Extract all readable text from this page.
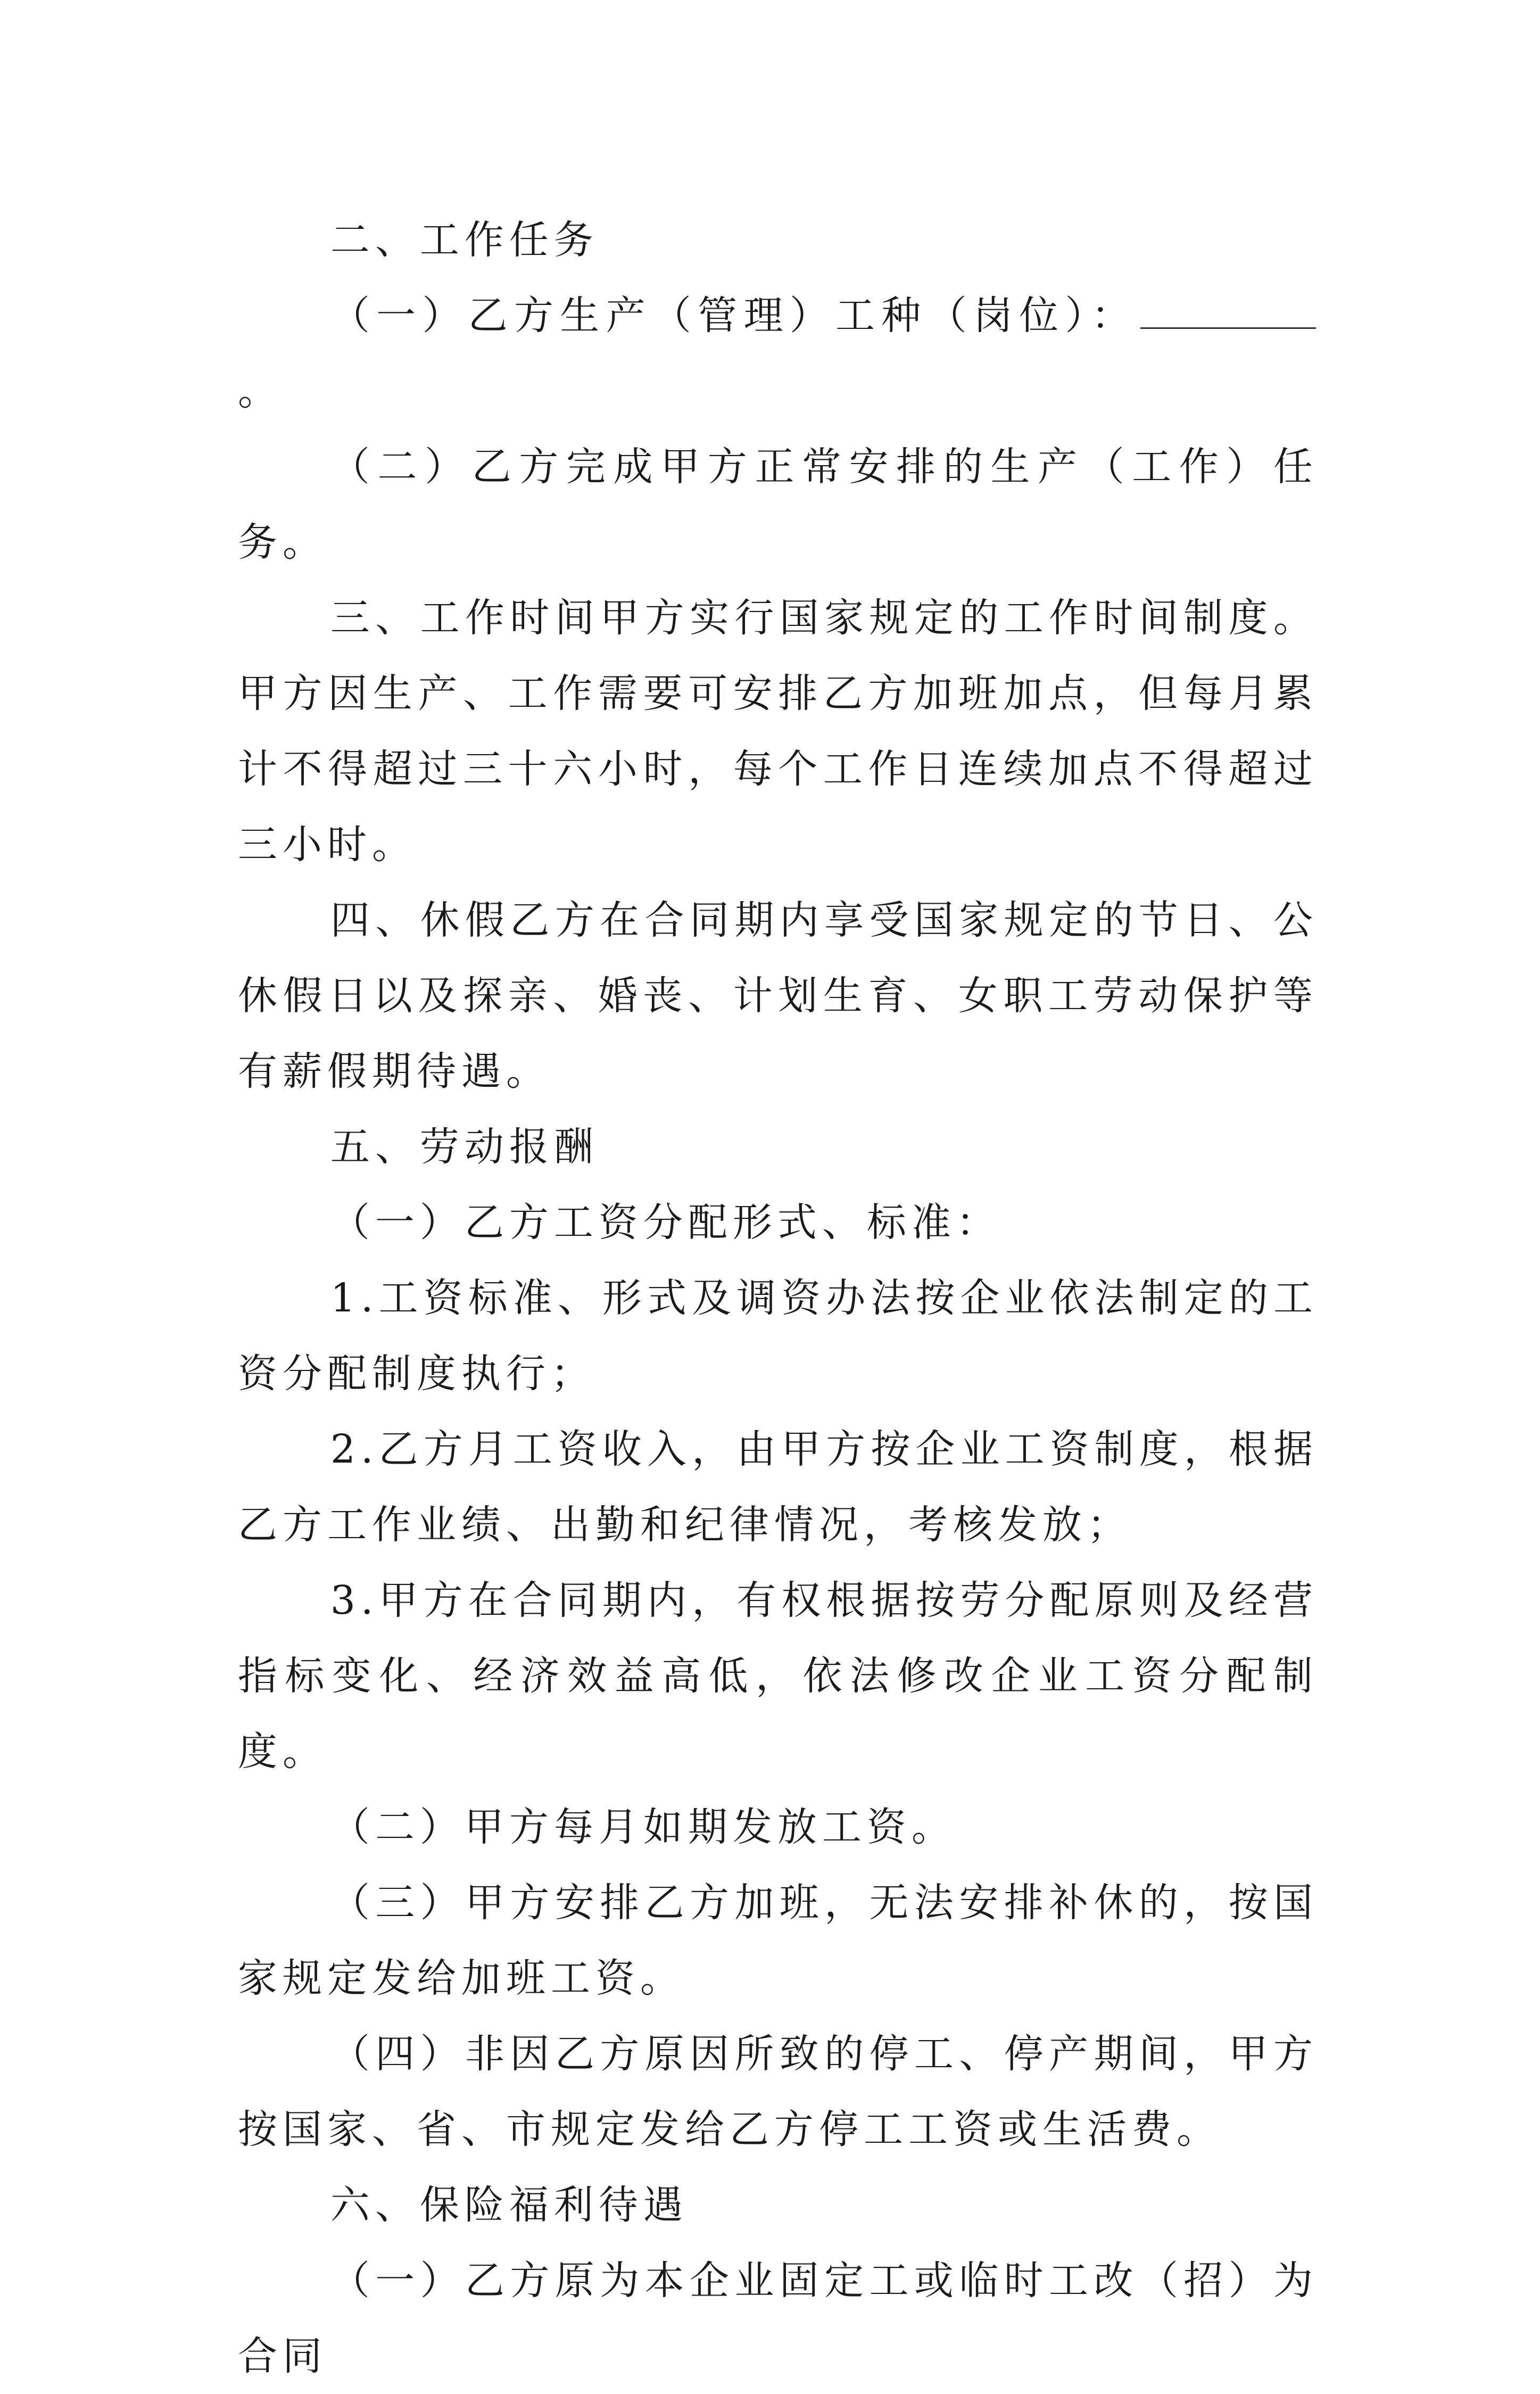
二、工作任务

（一）乙方生产（管理）工种（岗位）：。

（二）乙方完成甲方正常安排的生产（工作）任务。

三、工作时间甲方实行国家规定的工作时间制度。甲方因生产、工作需要可安排乙方加班加点，但每月累计不得超过三十六小时，每个工作日连续加点不得超过三小时。

四、休假乙方在合同期内享受国家规定的节日、公休假日以及探亲、婚丧、计划生育、女职工劳动保护等有薪假期待遇。

五、劳动报酬

（一）乙方工资分配形式、标准：

1.工资标准、形式及调资办法按企业依法制定的工资分配制度执行；

2.乙方月工资收入，由甲方按企业工资制度，根据乙方工作业绩、出勤和纪律情况，考核发放；

3.甲方在合同期内，有权根据按劳分配原则及经营指标变化、经济效益高低，依法修改企业工资分配制度。

（二）甲方每月如期发放工资。

（三）甲方安排乙方加班，无法安排补休的，按国家规定发给加班工资。

（四）非因乙方原因所致的停工、停产期间，甲方按国家、省、市规定发给乙方停工工资或生活费。

六、保险福利待遇

（一）乙方原为本企业固定工或临时工改（招）为合同
